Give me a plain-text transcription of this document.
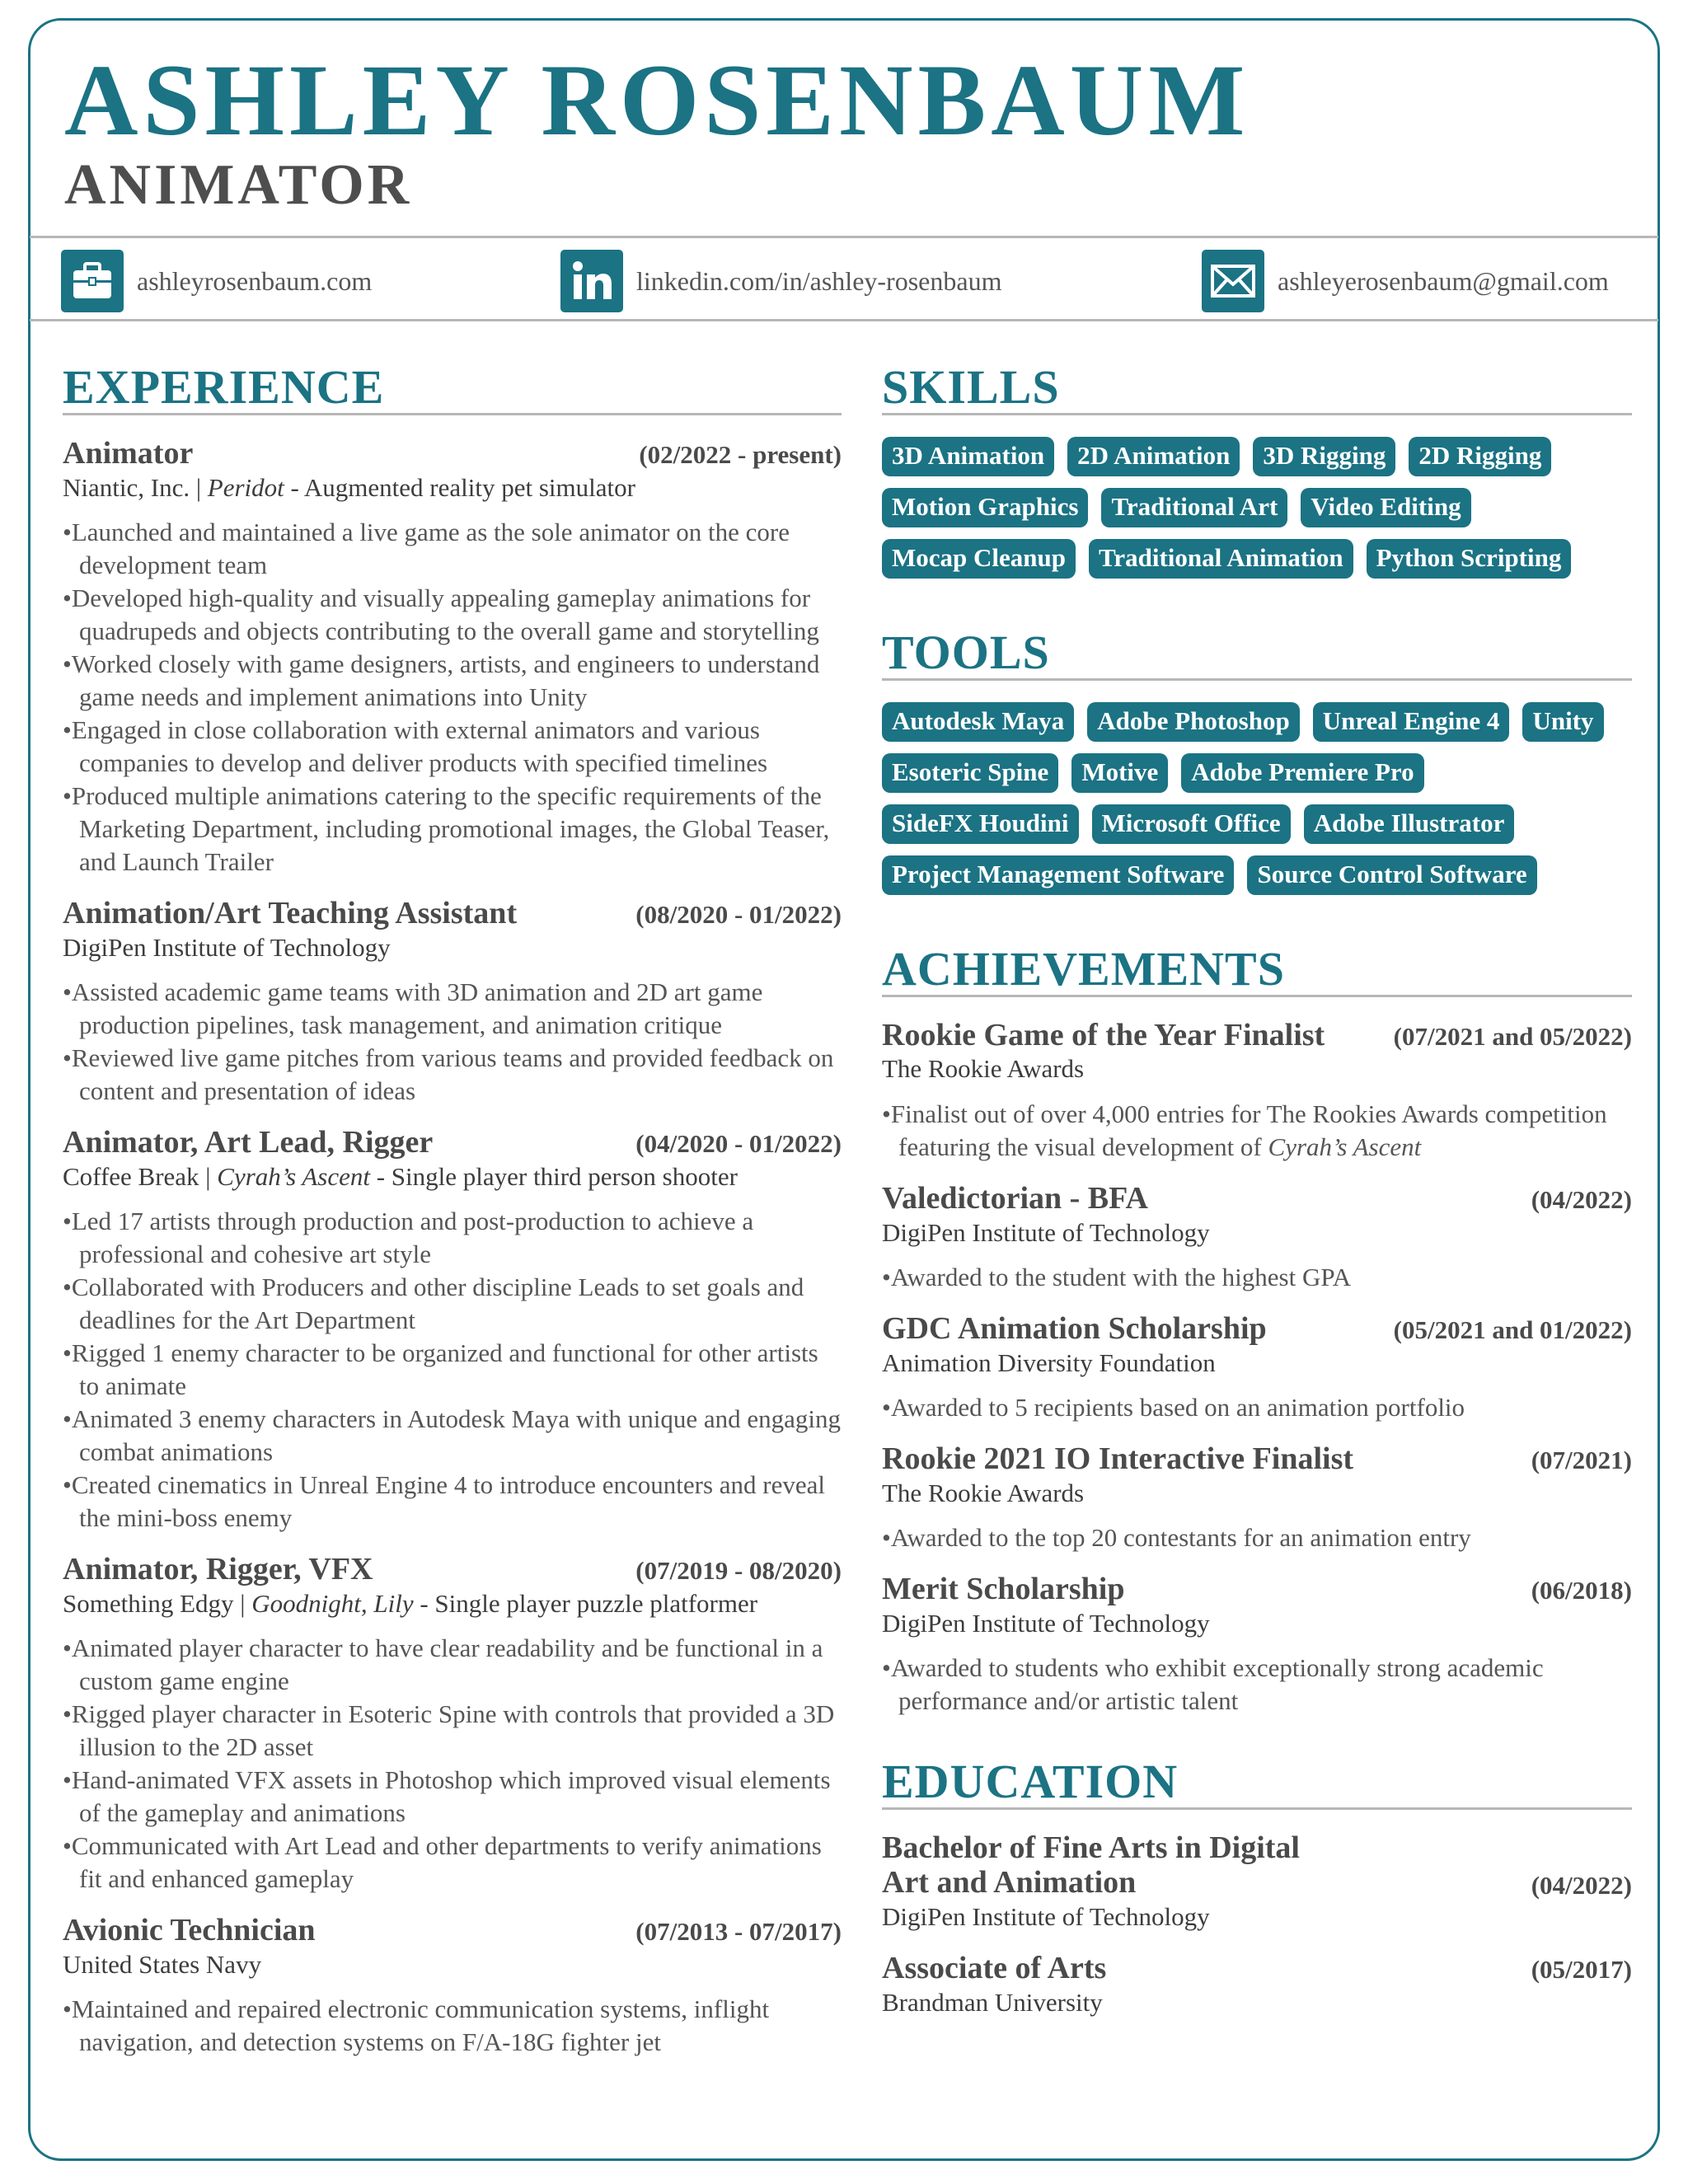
ASHLEY ROSENBAUM
ANIMATOR
ashleyrosenbaum.com	linkedin.com/in/ashley-rosenbaum	ashleyerosenbaum@gmail.com
EXPERIENCE
Animator	(02/2022 - present)
Niantic, Inc. | Peridot - Augmented reality pet simulator
• Launched and maintained a live game as the sole animator on the core development team
• Developed high-quality and visually appealing gameplay animations for quadrupeds and objects contributing to the overall game and storytelling
• Worked closely with game designers, artists, and engineers to understand game needs and implement animations into Unity
• Engaged in close collaboration with external animators and various companies to develop and deliver products with specified timelines
• Produced multiple animations catering to the specific requirements of the Marketing Department, including promotional images, the Global Teaser, and Launch Trailer
Animation/Art Teaching Assistant	(08/2020 - 01/2022)
DigiPen Institute of Technology
• Assisted academic game teams with 3D animation and 2D art game production pipelines, task management, and animation critique
• Reviewed live game pitches from various teams and provided feedback on content and presentation of ideas
Animator, Art Lead, Rigger	(04/2020 - 01/2022)
Coffee Break | Cyrah’s Ascent - Single player third person shooter
• Led 17 artists through production and post-production to achieve a professional and cohesive art style
• Collaborated with Producers and other discipline Leads to set goals and deadlines for the Art Department
• Rigged 1 enemy character to be organized and functional for other artists to animate
• Animated 3 enemy characters in Autodesk Maya with unique and engaging combat animations
• Created cinematics in Unreal Engine 4 to introduce encounters and reveal the mini-boss enemy
Animator, Rigger, VFX	(07/2019 - 08/2020)
Something Edgy | Goodnight, Lily - Single player puzzle platformer
• Animated player character to have clear readability and be functional in a custom game engine
• Rigged player character in Esoteric Spine with controls that provided a 3D illusion to the 2D asset
• Hand-animated VFX assets in Photoshop which improved visual elements of the gameplay and animations
• Communicated with Art Lead and other departments to verify animations fit and enhanced gameplay
Avionic Technician	(07/2013 - 07/2017)
United States Navy
• Maintained and repaired electronic communication systems, inflight navigation, and detection systems on F/A-18G fighter jet
SKILLS
3D Animation	2D Animation	3D Rigging	2D Rigging
Motion Graphics	Traditional Art	Video Editing
Mocap Cleanup	Traditional Animation	Python Scripting
TOOLS
Autodesk Maya	Adobe Photoshop	Unreal Engine 4	Unity
Esoteric Spine	Motive	Adobe Premiere Pro
SideFX Houdini	Microsoft Office	Adobe Illustrator
Project Management Software	Source Control Software
ACHIEVEMENTS
Rookie Game of the Year Finalist	(07/2021 and 05/2022)
The Rookie Awards
• Finalist out of over 4,000 entries for The Rookies Awards competition featuring the visual development of Cyrah’s Ascent
Valedictorian - BFA	(04/2022)
DigiPen Institute of Technology
• Awarded to the student with the highest GPA
GDC Animation Scholarship	(05/2021 and 01/2022)
Animation Diversity Foundation
• Awarded to 5 recipients based on an animation portfolio
Rookie 2021 IO Interactive Finalist	(07/2021)
The Rookie Awards
• Awarded to the top 20 contestants for an animation entry
Merit Scholarship	(06/2018)
DigiPen Institute of Technology
• Awarded to students who exhibit exceptionally strong academic performance and/or artistic talent
EDUCATION
Bachelor of Fine Arts in Digital Art and Animation	(04/2022)
DigiPen Institute of Technology
Associate of Arts	(05/2017)
Brandman University
